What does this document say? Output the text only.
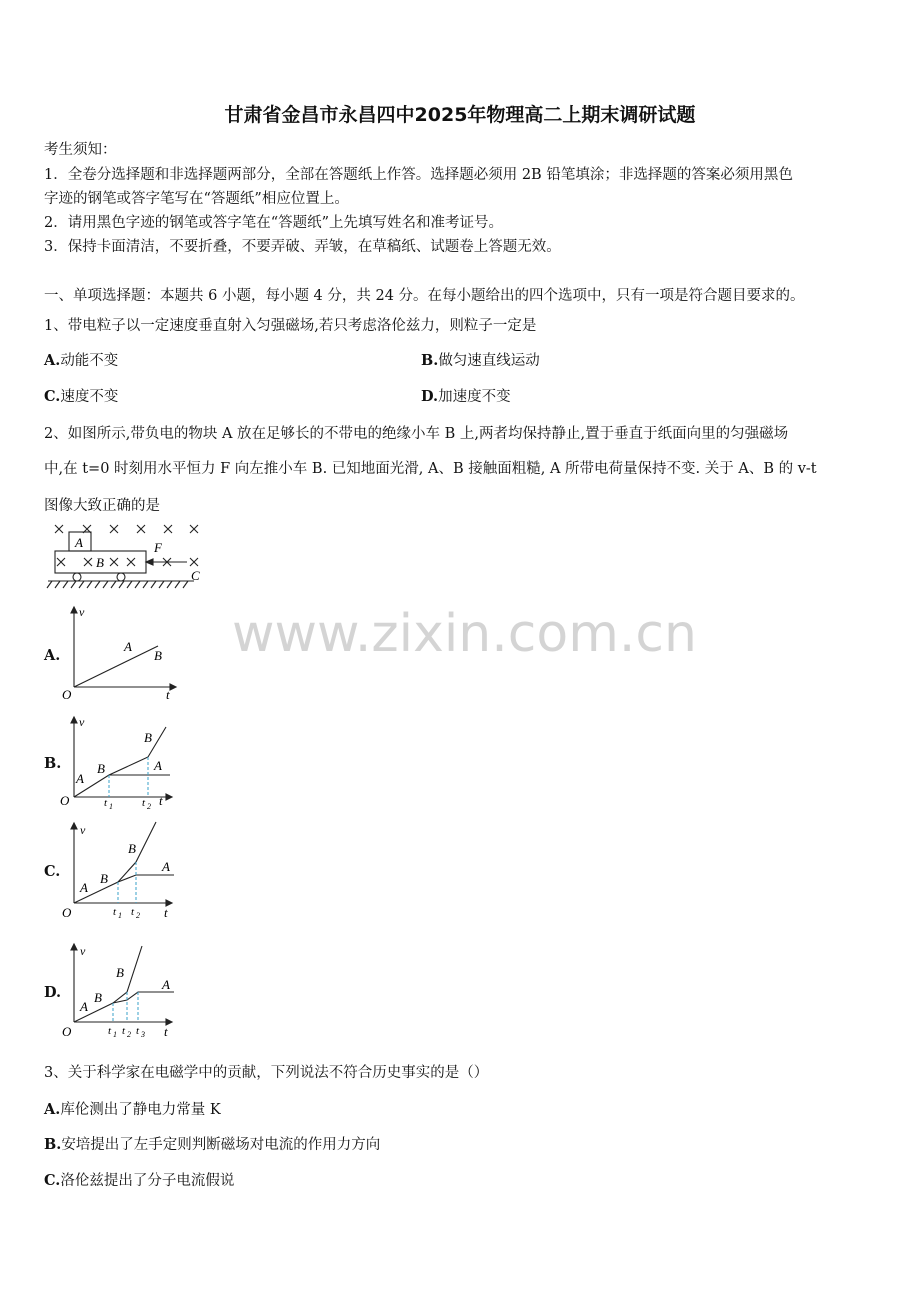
www.zixin.com.cn
甘肃省金昌市永昌四中2025年物理高二上期末调研试题
考生须知：
1．全卷分选择题和非选择题两部分，全部在答题纸上作答。选择题必须用 2B 铅笔填涂；非选择题的答案必须用黑色
字迹的钢笔或答字笔写在“答题纸”相应位置上。
2．请用黑色字迹的钢笔或答字笔在“答题纸”上先填写姓名和准考证号。
3．保持卡面清洁，不要折叠，不要弄破、弄皱，在草稿纸、试题卷上答题无效。
一、单项选择题：本题共 6 小题，每小题 4 分，共 24 分。在每小题给出的四个选项中，只有一项是符合题目要求的。
1、带电粒子以一定速度垂直射入匀强磁场,若只考虑洛伦兹力，则粒子一定是
A.动能不变	B.做匀速直线运动
C.速度不变	D.加速度不变
2、如图所示,带负电的物块 A 放在足够长的不带电的绝缘小车 B 上,两者均保持静止,置于垂直于纸面向里的匀强磁场
中,在 t=0 时刻用水平恒力 F 向左推小车 B. 已知地面光滑, A、B 接触面粗糙, A 所带电荷量保持不变. 关于 A、B 的 v-t
图像大致正确的是
A
B
F
C
A.
v
t
O
A
B
B.
v
t
O
A
B
B
A
t 1	t 2
C.
v
t
O
A
B
B
A
t 1 t 2
D.
v
t
O
A
B
B
A
t 1 t 2 t 3
3、关于科学家在电磁学中的贡献，下列说法不符合历史事实的是（）
A.库伦测出了静电力常量 K
B.安培提出了左手定则判断磁场对电流的作用力方向
C.洛伦兹提出了分子电流假说
